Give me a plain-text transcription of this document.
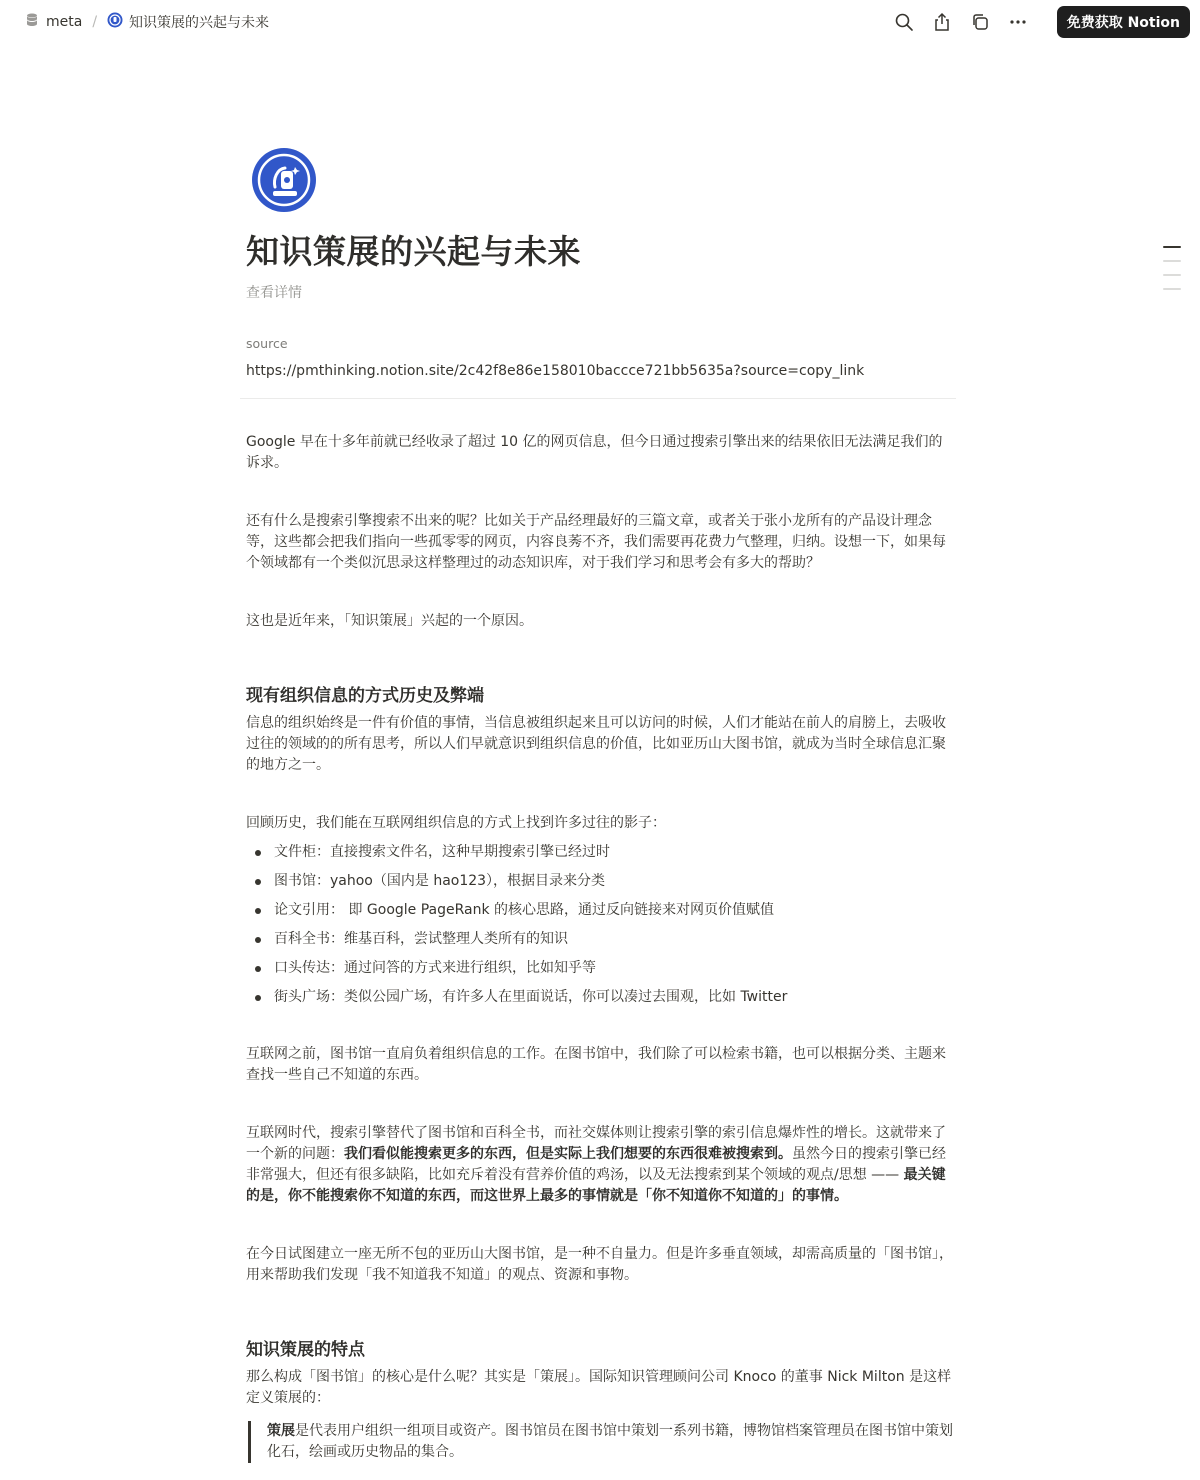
meta / 知识策展的兴起与未来	免费获取 Notion
知识策展的兴起与未来
查看详情
source
https://pmthinking.notion.site/2c42f8e86e158010baccce721bb5635a?source=copy_link

Google 早在十多年前就已经收录了超过 10 亿的网页信息，但今日通过搜索引擎出来的结果依旧无法满足我们的诉求。

还有什么是搜索引擎搜索不出来的呢？比如关于产品经理最好的三篇文章，或者关于张小龙所有的产品设计理念等，这些都会把我们指向一些孤零零的网页，内容良莠不齐，我们需要再花费力气整理，归纳。设想一下，如果每个领域都有一个类似沉思录这样整理过的动态知识库，对于我们学习和思考会有多大的帮助？

这也是近年来，「知识策展」兴起的一个原因。

现有组织信息的方式历史及弊端

信息的组织始终是一件有价值的事情，当信息被组织起来且可以访问的时候，人们才能站在前人的肩膀上，去吸收过往的领域的的所有思考，所以人们早就意识到组织信息的价值，比如亚历山大图书馆，就成为当时全球信息汇聚的地方之一。

回顾历史，我们能在互联网组织信息的方式上找到许多过往的影子：

文件柜：直接搜索文件名，这种早期搜索引擎已经过时
图书馆：yahoo（国内是 hao123），根据目录来分类
论文引用： 即 Google PageRank 的核心思路，通过反向链接来对网页价值赋值
百科全书：维基百科，尝试整理人类所有的知识
口头传达：通过问答的方式来进行组织，比如知乎等
街头广场：类似公园广场，有许多人在里面说话，你可以凑过去围观，比如 Twitter

互联网之前，图书馆一直肩负着组织信息的工作。在图书馆中，我们除了可以检索书籍，也可以根据分类、主题来查找一些自己不知道的东西。

互联网时代，搜索引擎替代了图书馆和百科全书，而社交媒体则让搜索引擎的索引信息爆炸性的增长。这就带来了一个新的问题：我们看似能搜索更多的东西，但是实际上我们想要的东西很难被搜索到。虽然今日的搜索引擎已经非常强大，但还有很多缺陷，比如充斥着没有营养价值的鸡汤，以及无法搜索到某个领域的观点/思想 —— 最关键的是，你不能搜索你不知道的东西，而这世界上最多的事情就是「你不知道你不知道的」的事情。

在今日试图建立一座无所不包的亚历山大图书馆，是一种不自量力。但是许多垂直领域，却需高质量的「图书馆」，用来帮助我们发现「我不知道我不知道」的观点、资源和事物。

知识策展的特点

那么构成「图书馆」的核心是什么呢？其实是「策展」。国际知识管理顾问公司 Knoco 的董事 Nick Milton 是这样定义策展的：

策展是代表用户组织一组项目或资产。图书馆员在图书馆中策划一系列书籍，博物馆档案管理员在图书馆中策划化石，绘画或历史物品的集合。
